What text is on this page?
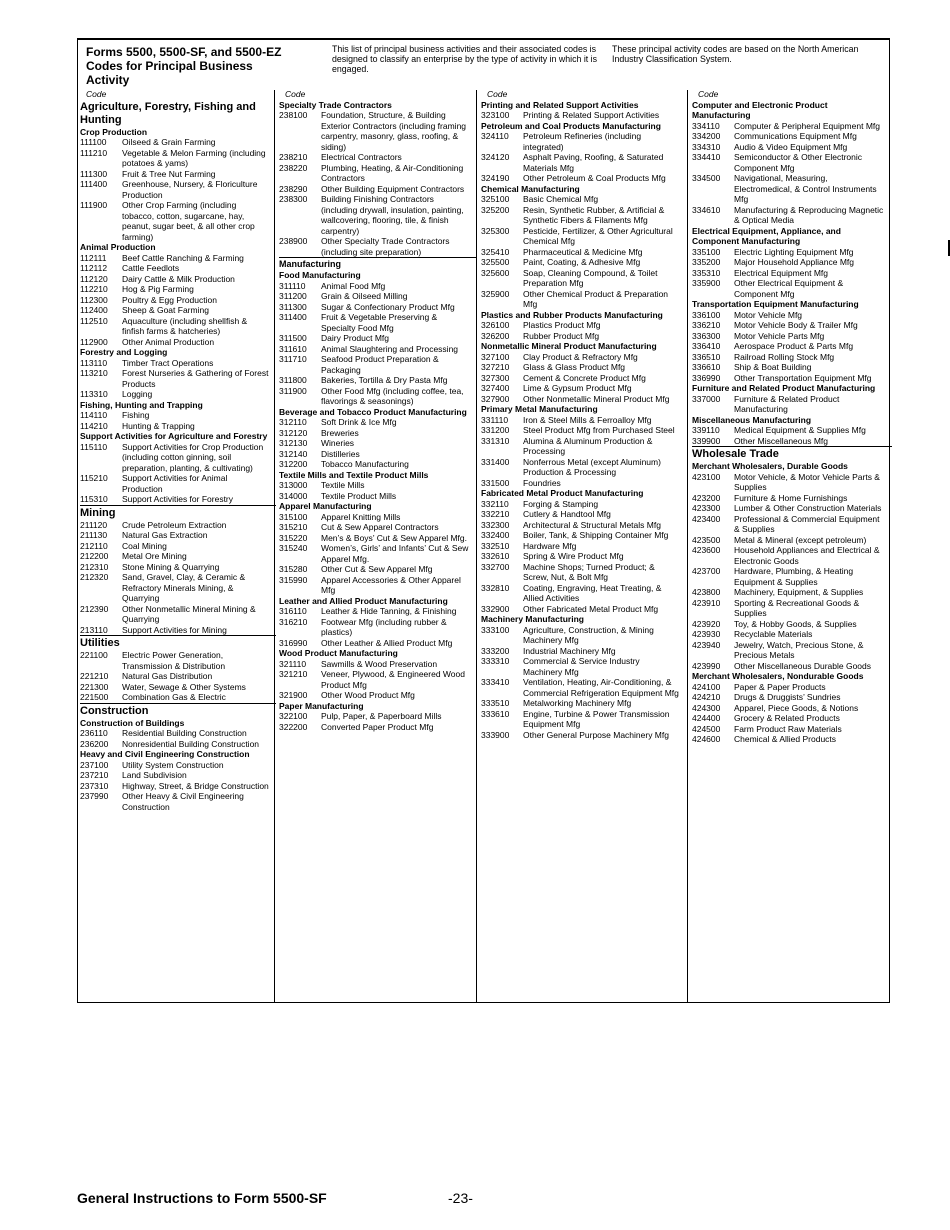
Forms 5500, 5500-SF, and 5500-EZ Codes for Principal Business Activity
This list of principal business activities and their associated codes is designed to classify an enterprise by the type of activity in which it is engaged.
These principal activity codes are based on the North American Industry Classification System.
Code
Agriculture, Forestry, Fishing and Hunting
Crop Production
111100	Oilseed & Grain Farming
111210	Vegetable & Melon Farming (including potatoes & yams)
111300	Fruit & Tree Nut Farming
111400	Greenhouse, Nursery, & Floriculture Production
111900	Other Crop Farming (including tobacco, cotton, sugarcane, hay, peanut, sugar beet, & all other crop farming)
Animal Production
112111	Beef Cattle Ranching & Farming
112112	Cattle Feedlots
112120	Dairy Cattle & Milk Production
112210	Hog & Pig Farming
112300	Poultry & Egg Production
112400	Sheep & Goat Farming
112510	Aquaculture (including shellfish & finfish farms & hatcheries)
112900	Other Animal Production
Forestry and Logging
113110	Timber Tract Operations
113210	Forest Nurseries & Gathering of Forest Products
113310	Logging
Fishing, Hunting and Trapping
114110	Fishing
114210	Hunting & Trapping
Support Activities for Agriculture and Forestry
115110	Support Activities for Crop Production (including cotton ginning, soil preparation, planting, & cultivating)
115210	Support Activities for Animal Production
115310	Support Activities for Forestry
Mining
211120	Crude Petroleum Extraction
211130	Natural Gas Extraction
212110	Coal Mining
212200	Metal Ore Mining
212310	Stone Mining & Quarrying
212320	Sand, Gravel, Clay, & Ceramic & Refractory Minerals Mining, & Quarrying
212390	Other Nonmetallic Mineral Mining & Quarrying
213110	Support Activities for Mining
Utilities
221100	Electric Power Generation, Transmission & Distribution
221210	Natural Gas Distribution
221300	Water, Sewage & Other Systems
221500	Combination Gas & Electric
Construction
Construction of Buildings
236110	Residential Building Construction
236200	Nonresidential Building Construction
Heavy and Civil Engineering Construction
237100	Utility System Construction
237210	Land Subdivision
237310	Highway, Street, & Bridge Construction
237990	Other Heavy & Civil Engineering Construction
Code
Specialty Trade Contractors
238100	Foundation, Structure, & Building Exterior Contractors (including framing carpentry, masonry, glass, roofing, & siding)
238210	Electrical Contractors
238220	Plumbing, Heating, & Air-Conditioning Contractors
238290	Other Building Equipment Contractors
238300	Building Finishing Contractors (including drywall, insulation, painting, wallcovering, flooring, tile, & finish carpentry)
238900	Other Specialty Trade Contractors (including site preparation)
Manufacturing
Food Manufacturing
311110	Animal Food Mfg
311200	Grain & Oilseed Milling
311300	Sugar & Confectionary Product Mfg
311400	Fruit & Vegetable Preserving & Specialty Food Mfg
311500	Dairy Product Mfg
311610	Animal Slaughtering and Processing
311710	Seafood Product Preparation & Packaging
311800	Bakeries, Tortilla & Dry Pasta Mfg
311900	Other Food Mfg (including coffee, tea, flavorings & seasonings)
Beverage and Tobacco Product Manufacturing
312110	Soft Drink & Ice Mfg
312120	Breweries
312130	Wineries
312140	Distilleries
312200	Tobacco Manufacturing
Textile Mills and Textile Product Mills
313000	Textile Mills
314000	Textile Product Mills
Apparel Manufacturing
315100	Apparel Knitting Mills
315210	Cut & Sew Apparel Contractors
315220	Men’s & Boys’ Cut & Sew Apparel Mfg.
315240	Women’s, Girls’ and Infants’ Cut & Sew Apparel Mfg.
315280	Other Cut & Sew Apparel Mfg
315990	Apparel Accessories & Other Apparel Mfg
Leather and Allied Product Manufacturing
316110	Leather & Hide Tanning, & Finishing
316210	Footwear Mfg (including rubber & plastics)
316990	Other Leather & Allied Product Mfg
Wood Product Manufacturing
321110	Sawmills & Wood Preservation
321210	Veneer, Plywood, & Engineered Wood Product Mfg
321900	Other Wood Product Mfg
Paper Manufacturing
322100	Pulp, Paper, & Paperboard Mills
322200	Converted Paper Product Mfg
Code
Printing and Related Support Activities
323100	Printing & Related Support Activities
Petroleum and Coal Products Manufacturing
324110	Petroleum Refineries (including integrated)
324120	Asphalt Paving, Roofing, & Saturated Materials Mfg
324190	Other Petroleum & Coal Products Mfg
Chemical Manufacturing
325100	Basic Chemical Mfg
325200	Resin, Synthetic Rubber, & Artificial & Synthetic Fibers & Filaments Mfg
325300	Pesticide, Fertilizer, & Other Agricultural Chemical Mfg
325410	Pharmaceutical & Medicine Mfg
325500	Paint, Coating, & Adhesive Mfg
325600	Soap, Cleaning Compound, & Toilet Preparation Mfg
325900	Other Chemical Product & Preparation Mfg
Plastics and Rubber Products Manufacturing
326100	Plastics Product Mfg
326200	Rubber Product Mfg
Nonmetallic Mineral Product Manufacturing
327100	Clay Product & Refractory Mfg
327210	Glass & Glass Product Mfg
327300	Cement & Concrete Product Mfg
327400	Lime & Gypsum Product Mfg
327900	Other Nonmetallic Mineral Product Mfg
Primary Metal Manufacturing
331110	Iron & Steel Mills & Ferroalloy Mfg
331200	Steel Product Mfg from Purchased Steel
331310	Alumina & Aluminum Production & Processing
331400	Nonferrous Metal (except Aluminum) Production & Processing
331500	Foundries
Fabricated Metal Product Manufacturing
332110	Forging & Stamping
332210	Cutlery & Handtool Mfg
332300	Architectural & Structural Metals Mfg
332400	Boiler, Tank, & Shipping Container Mfg
332510	Hardware Mfg
332610	Spring & Wire Product Mfg
332700	Machine Shops; Turned Product; & Screw, Nut, & Bolt Mfg
332810	Coating, Engraving, Heat Treating, & Allied Activities
332900	Other Fabricated Metal Product Mfg
Machinery Manufacturing
333100	Agriculture, Construction, & Mining Machinery Mfg
333200	Industrial Machinery Mfg
333310	Commercial & Service Industry Machinery Mfg
333410	Ventilation, Heating, Air-Conditioning, & Commercial Refrigeration Equipment Mfg
333510	Metalworking Machinery Mfg
333610	Engine, Turbine & Power Transmission Equipment Mfg
333900	Other General Purpose Machinery Mfg
Code
Computer and Electronic Product Manufacturing
334110	Computer & Peripheral Equipment Mfg
334200	Communications Equipment Mfg
334310	Audio & Video Equipment Mfg
334410	Semiconductor & Other Electronic Component Mfg
334500	Navigational, Measuring, Electromedical, & Control Instruments Mfg
334610	Manufacturing & Reproducing Magnetic & Optical Media
Electrical Equipment, Appliance, and Component Manufacturing
335100	Electric Lighting Equipment Mfg
335200	Major Household Appliance Mfg
335310	Electrical Equipment Mfg
335900	Other Electrical Equipment & Component Mfg
Transportation Equipment Manufacturing
336100	Motor Vehicle Mfg
336210	Motor Vehicle Body & Trailer Mfg
336300	Motor Vehicle Parts Mfg
336410	Aerospace Product & Parts Mfg
336510	Railroad Rolling Stock Mfg
336610	Ship & Boat Building
336990	Other Transportation Equipment Mfg
Furniture and Related Product Manufacturing
337000	Furniture & Related Product Manufacturing
Miscellaneous Manufacturing
339110	Medical Equipment & Supplies Mfg
339900	Other Miscellaneous Mfg
Wholesale Trade
Merchant Wholesalers, Durable Goods
423100	Motor Vehicle, & Motor Vehicle Parts & Supplies
423200	Furniture & Home Furnishings
423300	Lumber & Other Construction Materials
423400	Professional & Commercial Equipment & Supplies
423500	Metal & Mineral (except petroleum)
423600	Household Appliances and Electrical & Electronic Goods
423700	Hardware, Plumbing, & Heating Equipment & Supplies
423800	Machinery, Equipment, & Supplies
423910	Sporting & Recreational Goods & Supplies
423920	Toy, & Hobby Goods, & Supplies
423930	Recyclable Materials
423940	Jewelry, Watch, Precious Stone, & Precious Metals
423990	Other Miscellaneous Durable Goods
Merchant Wholesalers, Nondurable Goods
424100	Paper & Paper Products
424210	Drugs & Druggists’ Sundries
424300	Apparel, Piece Goods, & Notions
424400	Grocery & Related Products
424500	Farm Product Raw Materials
424600	Chemical & Allied Products
General Instructions to Form 5500-SF	-23-
